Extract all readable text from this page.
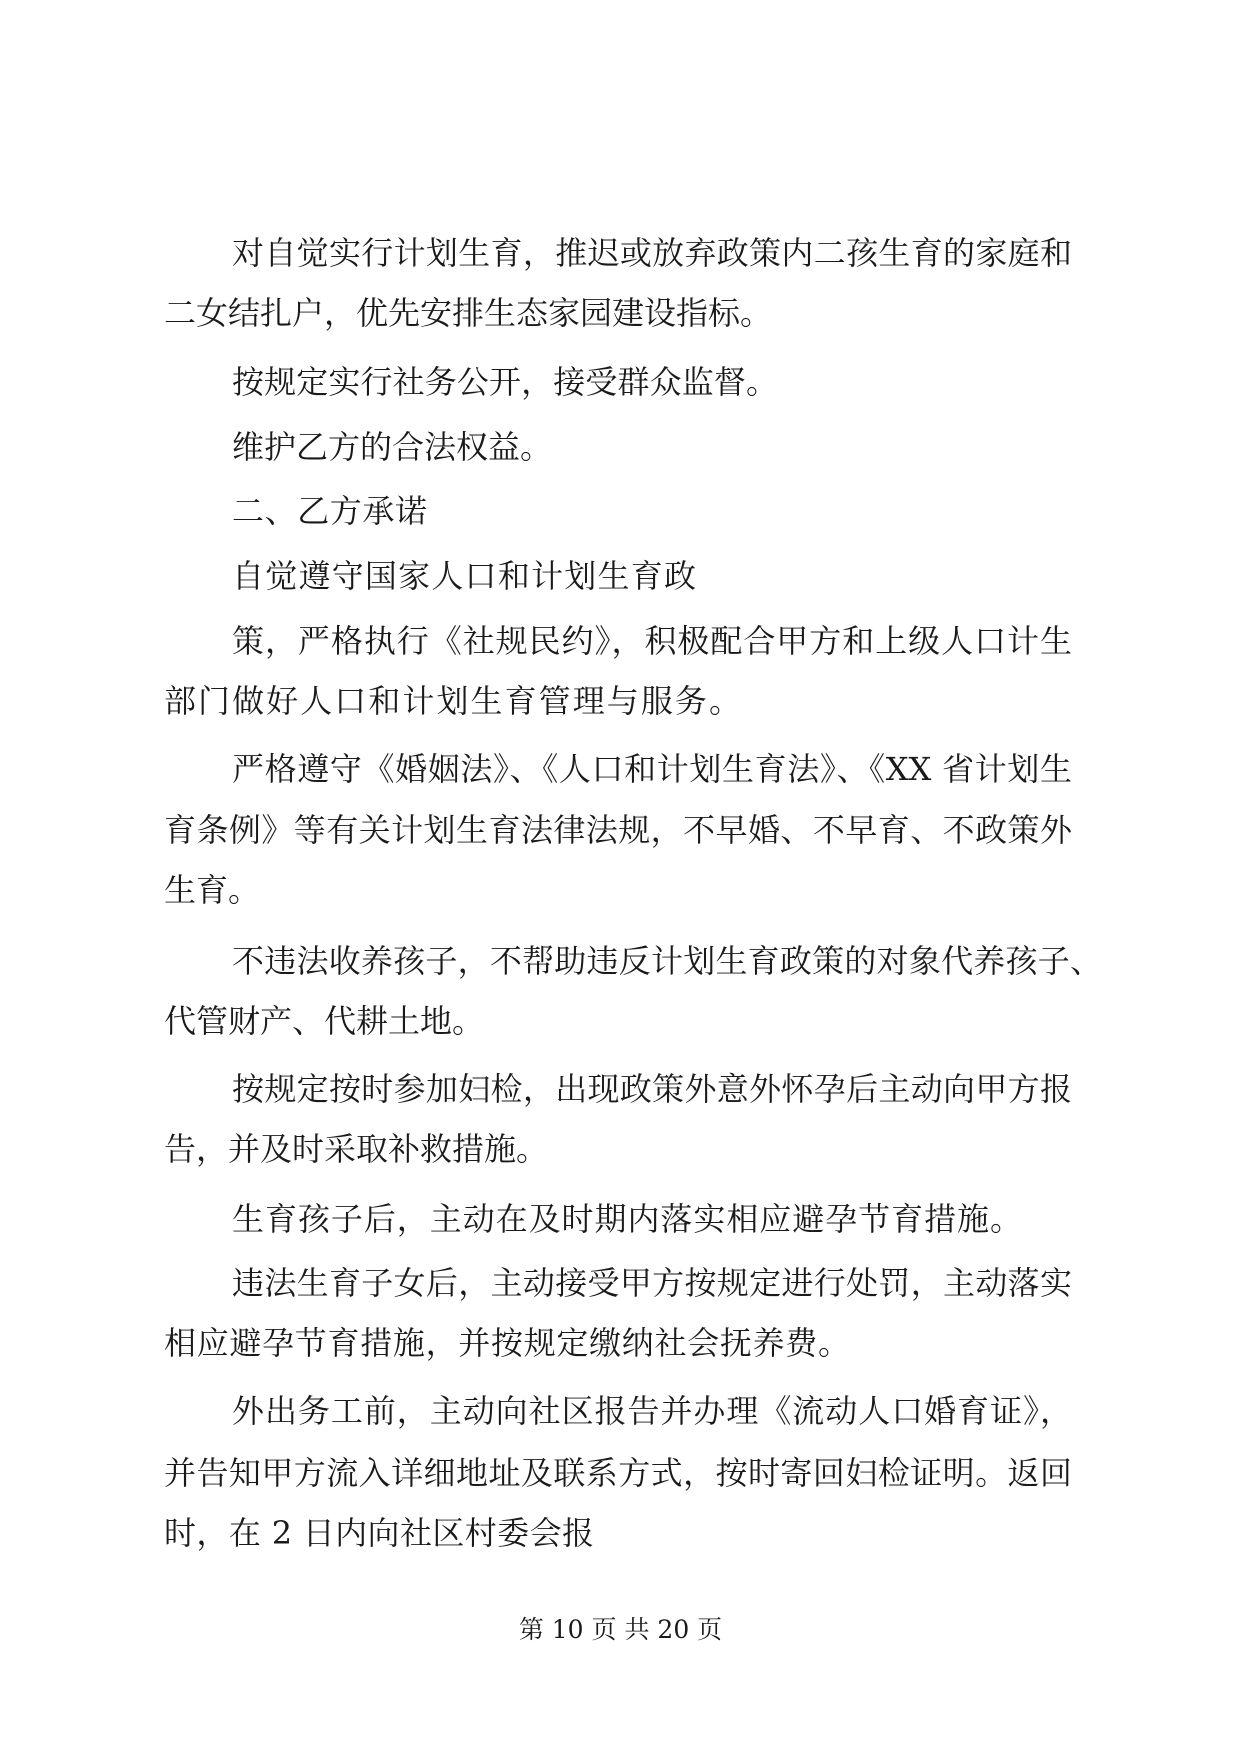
对自觉实行计划生育，推迟或放弃政策内二孩生育的家庭和
二女结扎户，优先安排生态家园建设指标。
按规定实行社务公开，接受群众监督。
维护乙方的合法权益。
二、乙方承诺
自觉遵守国家人口和计划生育政
策，严格执行《社规民约》，积极配合甲方和上级人口计生
部门做好人口和计划生育管理与服务。
严格遵守《婚姻法》、《人口和计划生育法》、《XX 省计划生
育条例》等有关计划生育法律法规，不早婚、不早育、不政策外
生育。
不违法收养孩子，不帮助违反计划生育政策的对象代养孩子、
代管财产、代耕土地。
按规定按时参加妇检，出现政策外意外怀孕后主动向甲方报
告，并及时采取补救措施。
生育孩子后，主动在及时期内落实相应避孕节育措施。
违法生育子女后，主动接受甲方按规定进行处罚，主动落实
相应避孕节育措施，并按规定缴纳社会抚养费。
外出务工前，主动向社区报告并办理《流动人口婚育证》，
并告知甲方流入详细地址及联系方式，按时寄回妇检证明。返回
时，在 2 日内向社区村委会报
第 10 页 共 20 页
